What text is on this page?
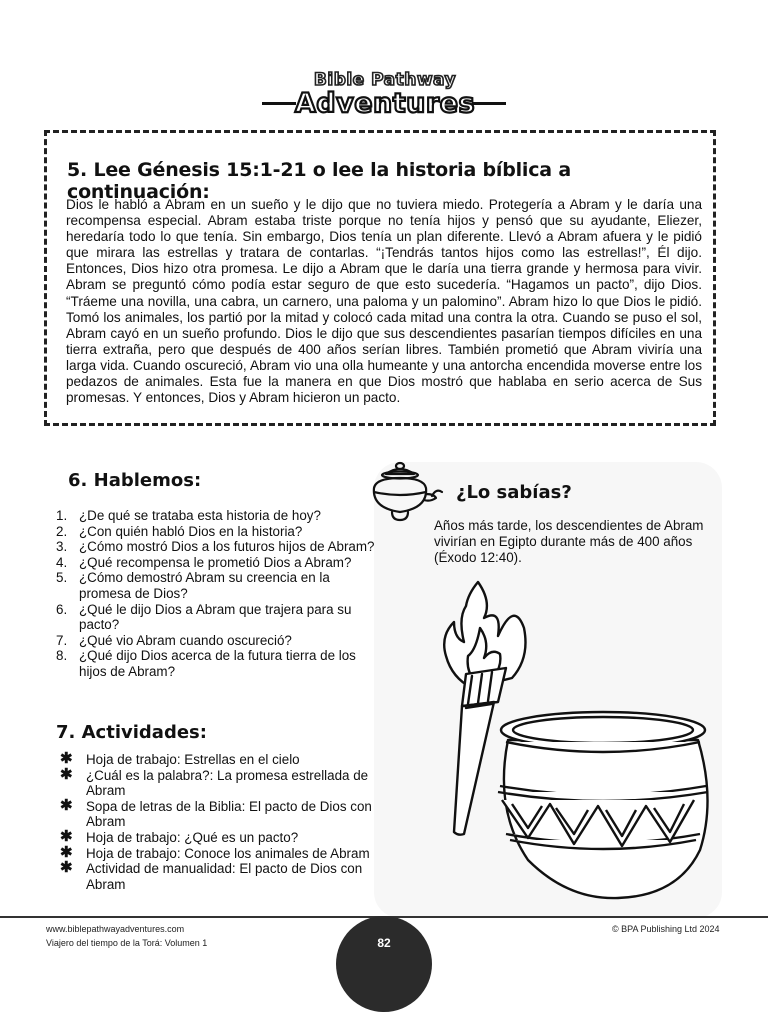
Bible Pathway
Adventures
5. Lee Génesis 15:1-21 o lee la historia bíblica a continuación:

Dios le habló a Abram en un sueño y le dijo que no tuviera miedo. Protegería a Abram y le daría una recompensa especial. Abram estaba triste porque no tenía hijos y pensó que su ayudante, Eliezer, heredaría todo lo que tenía. Sin embargo, Dios tenía un plan diferente. Llevó a Abram afuera y le pidió que mirara las estrellas y tratara de contarlas. “¡Tendrás tantos hijos como las estrellas!”, Él dijo. Entonces, Dios hizo otra promesa. Le dijo a Abram que le daría una tierra grande y hermosa para vivir. Abram se preguntó cómo podía estar seguro de que esto sucedería. “Hagamos un pacto”, dijo Dios. “Tráeme una novilla, una cabra, un carnero, una paloma y un palomino”. Abram hizo lo que Dios le pidió. Tomó los animales, los partió por la mitad y colocó cada mitad una contra la otra. Cuando se puso el sol, Abram cayó en un sueño profundo. Dios le dijo que sus descendientes pasarían tiempos difíciles en una tierra extraña, pero que después de 400 años serían libres. También prometió que Abram viviría una larga vida. Cuando oscureció, Abram vio una olla humeante y una antorcha encendida moverse entre los pedazos de animales. Esta fue la manera en que Dios mostró que hablaba en serio acerca de Sus promesas. Y entonces, Dios y Abram hicieron un pacto.

6. Hablemos:
1. ¿De qué se trataba esta historia de hoy?
2. ¿Con quién habló Dios en la historia?
3. ¿Cómo mostró Dios a los futuros hijos de Abram?
4. ¿Qué recompensa le prometió Dios a Abram?
5. ¿Cómo demostró Abram su creencia en la promesa de Dios?
6. ¿Qué le dijo Dios a Abram que trajera para su pacto?
7. ¿Qué vio Abram cuando oscureció?
8. ¿Qué dijo Dios acerca de la futura tierra de los hijos de Abram?
7. Actividades:
✱ Hoja de trabajo: Estrellas en el cielo
✱ ¿Cuál es la palabra?: La promesa estrellada de Abram
✱ Sopa de letras de la Biblia: El pacto de Dios con Abram
✱ Hoja de trabajo: ¿Qué es un pacto?
✱ Hoja de trabajo: Conoce los animales de Abram
✱ Actividad de manualidad: El pacto de Dios con Abram
¿Lo sabías?

Años más tarde, los descendientes de Abram vivirían en Egipto durante más de 400 años (Éxodo 12:40).

www.biblepathwayadventures.com
Viajero del tiempo de la Torá: Volumen 1
© BPA Publishing Ltd 2024
82
